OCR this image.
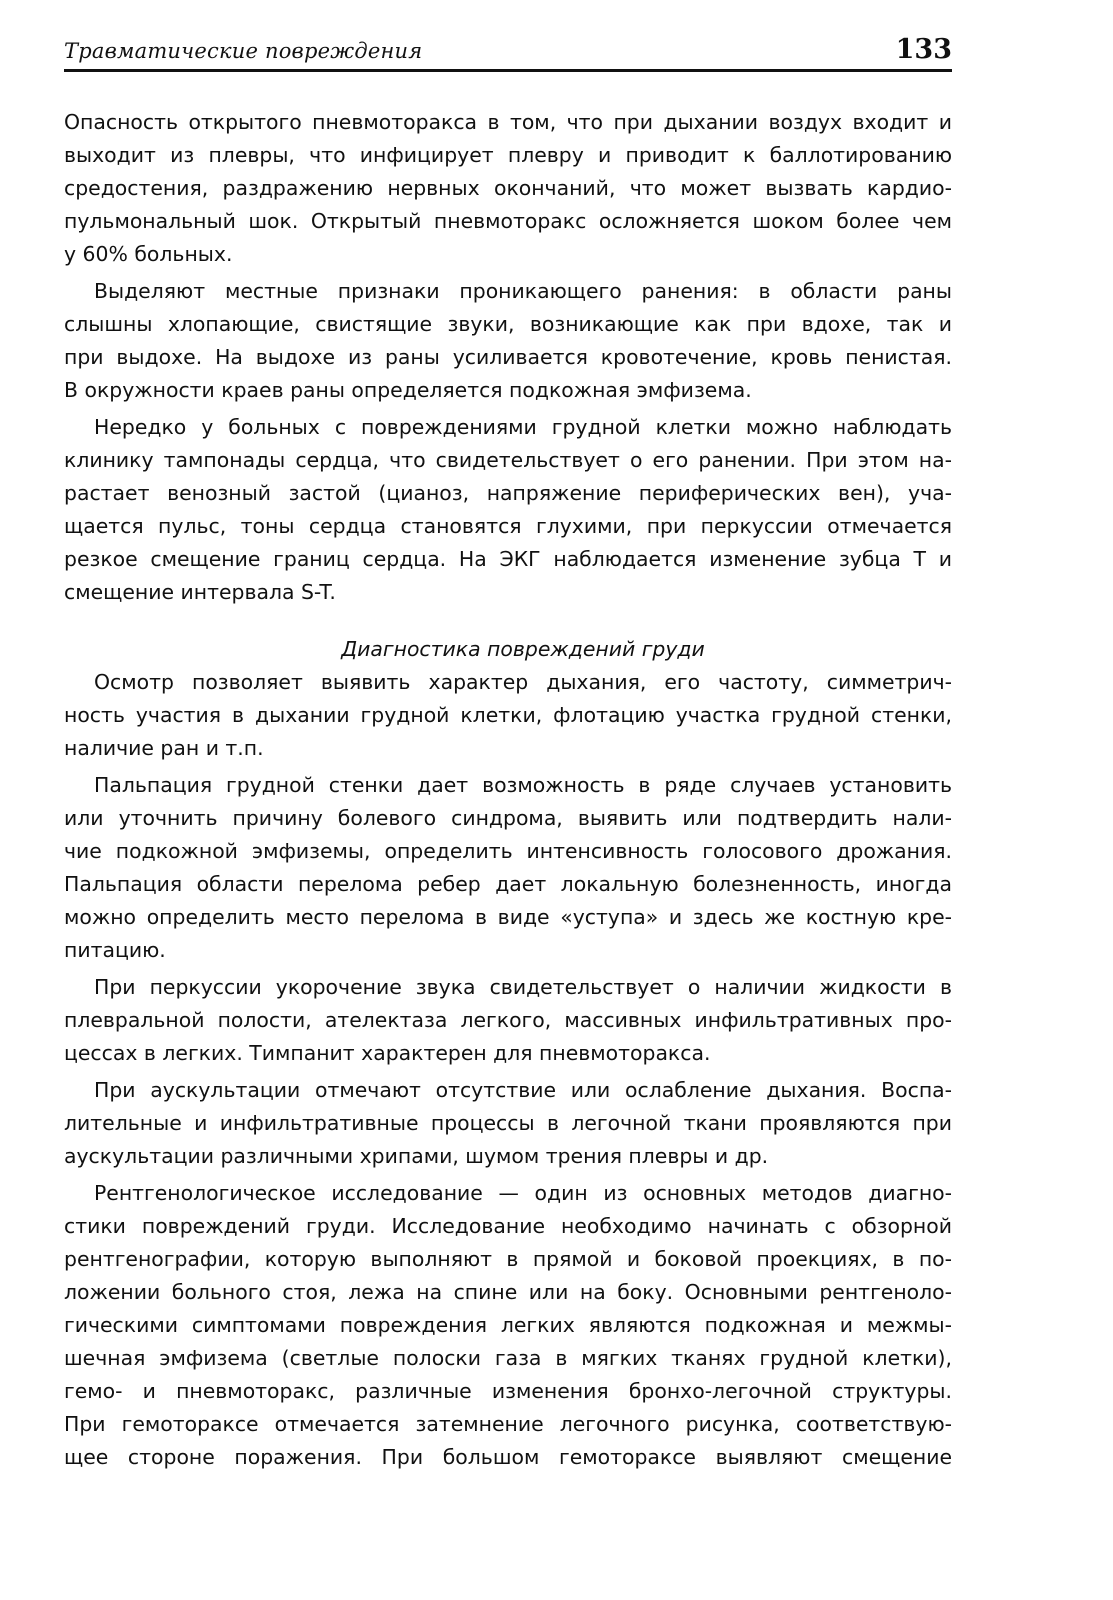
Травматические повреждения	133
Опасность открытого пневмоторакса в том, что при дыхании воздух входит и
выходит из плевры, что инфицирует плевру и приводит к баллотированию
средостения, раздражению нервных окончаний, что может вызвать кардио-
пульмональный шок. Открытый пневмоторакс осложняется шоком более чем
у 60% больных.
Выделяют местные признаки проникающего ранения: в области раны
слышны хлопающие, свистящие звуки, возникающие как при вдохе, так и
при выдохе. На выдохе из раны усиливается кровотечение, кровь пенистая.
В окружности краев раны определяется подкожная эмфизема.
Нередко у больных с повреждениями грудной клетки можно наблюдать
клинику тампонады сердца, что свидетельствует о его ранении. При этом на-
растает венозный застой (цианоз, напряжение периферических вен), уча-
щается пульс, тоны сердца становятся глухими, при перкуссии отмечается
резкое смещение границ сердца. На ЭКГ наблюдается изменение зубца Т и
смещение интервала S-T.
Диагностика повреждений груди
Осмотр позволяет выявить характер дыхания, его частоту, симметрич-
ность участия в дыхании грудной клетки, флотацию участка грудной стенки,
наличие ран и т.п.
Пальпация грудной стенки дает возможность в ряде случаев установить
или уточнить причину болевого синдрома, выявить или подтвердить нали-
чие подкожной эмфиземы, определить интенсивность голосового дрожания.
Пальпация области перелома ребер дает локальную болезненность, иногда
можно определить место перелома в виде «уступа» и здесь же костную кре-
питацию.
При перкуссии укорочение звука свидетельствует о наличии жидкости в
плевральной полости, ателектаза легкого, массивных инфильтративных про-
цессах в легких. Тимпанит характерен для пневмоторакса.
При аускультации отмечают отсутствие или ослабление дыхания. Воспа-
лительные и инфильтративные процессы в легочной ткани проявляются при
аускультации различными хрипами, шумом трения плевры и др.
Рентгенологическое исследование — один из основных методов диагно-
стики повреждений груди. Исследование необходимо начинать с обзорной
рентгенографии, которую выполняют в прямой и боковой проекциях, в по-
ложении больного стоя, лежа на спине или на боку. Основными рентгеноло-
гическими симптомами повреждения легких являются подкожная и межмы-
шечная эмфизема (светлые полоски газа в мягких тканях грудной клетки),
гемо- и пневмоторакс, различные изменения бронхо-легочной структуры.
При гемотораксе отмечается затемнение легочного рисунка, соответствую-
щее стороне поражения. При большом гемотораксе выявляют смещение
